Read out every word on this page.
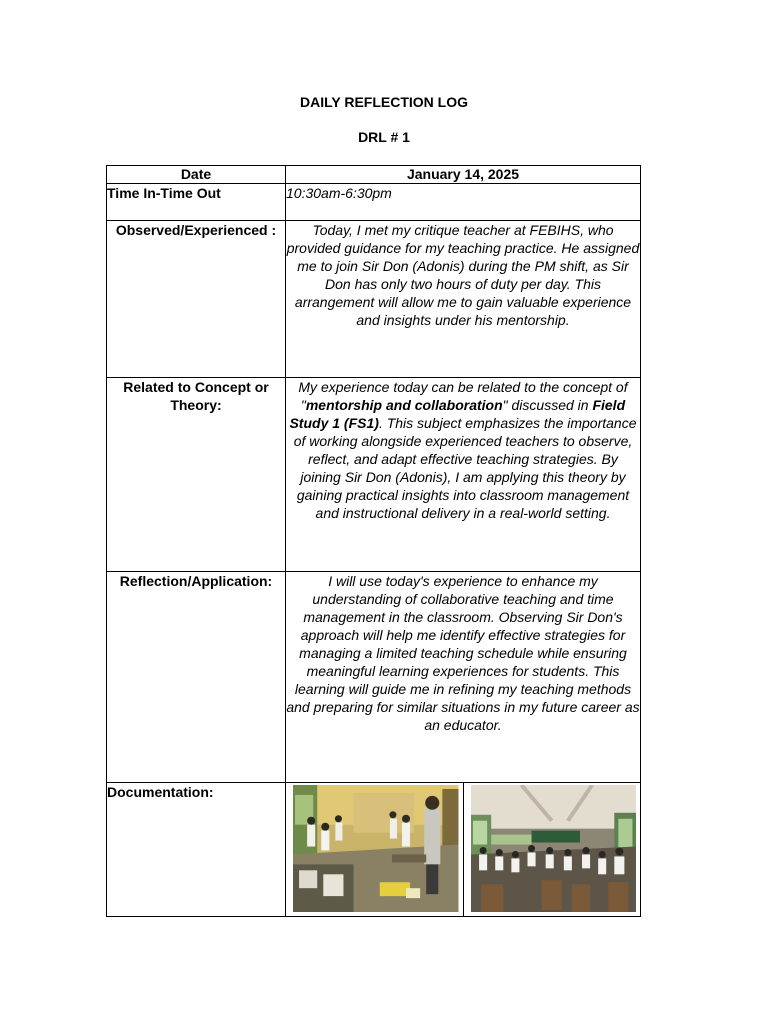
DAILY REFLECTION LOG
DRL # 1
Date	January 14, 2025
Time In-Time Out	10:30am-6:30pm
Observed/Experienced :	Today, I met my critique teacher at FEBIHS, who provided guidance for my teaching practice. He assigned me to join Sir Don (Adonis) during the PM shift, as Sir Don has only two hours of duty per day. This arrangement will allow me to gain valuable experience and insights under his mentorship.
Related to Concept or Theory:	My experience today can be related to the concept of "mentorship and collaboration" discussed in Field Study 1 (FS1). This subject emphasizes the importance of working alongside experienced teachers to observe, reflect, and adapt effective teaching strategies. By joining Sir Don (Adonis), I am applying this theory by gaining practical insights into classroom management and instructional delivery in a real-world setting.
Reflection/Application:	I will use today's experience to enhance my understanding of collaborative teaching and time management in the classroom. Observing Sir Don's approach will help me identify effective strategies for managing a limited teaching schedule while ensuring meaningful learning experiences for students. This learning will guide me in refining my teaching methods and preparing for similar situations in my future career as an educator.
Documentation:	
